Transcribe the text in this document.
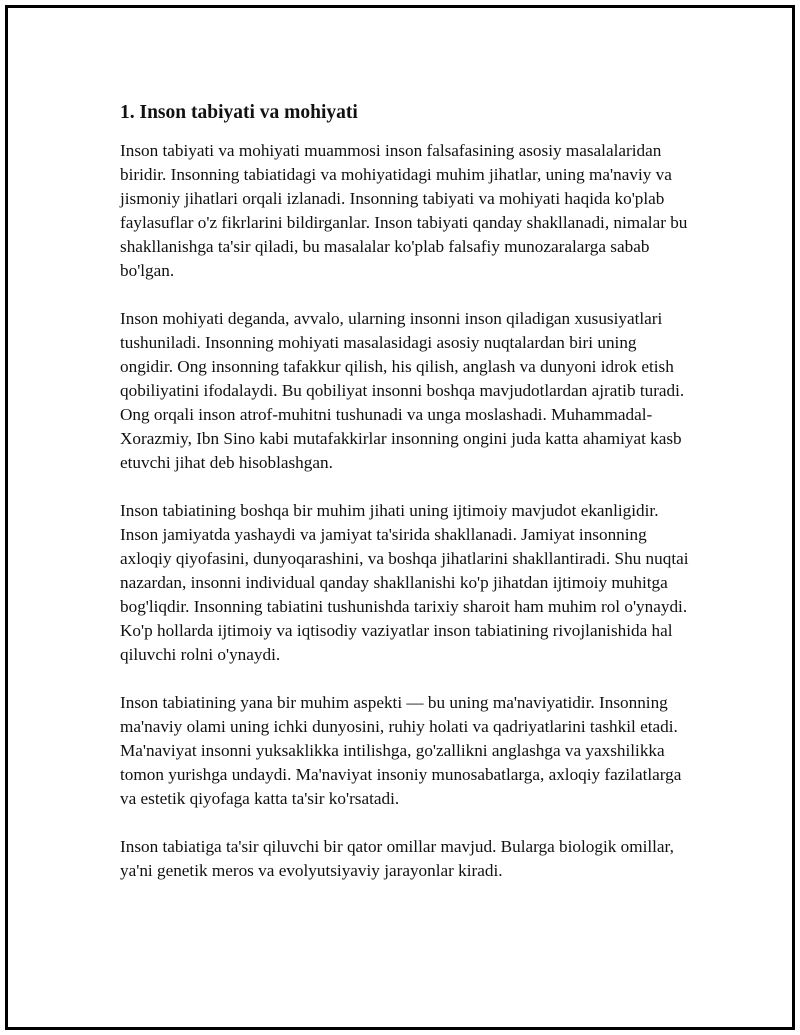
1. Inson tabiyati va mohiyati

Inson tabiyati va mohiyati muammosi inson falsafasining asosiy masalalaridan biridir. Insonning tabiatidagi va mohiyatidagi muhim jihatlar, uning ma'naviy va jismoniy jihatlari orqali izlanadi. Insonning tabiyati va mohiyati haqida ko'plab faylasuflar o'z fikrlarini bildirganlar. Inson tabiyati qanday shakllanadi, nimalar bu shakllanishga ta'sir qiladi, bu masalalar ko'plab falsafiy munozaralarga sabab bo'lgan.

Inson mohiyati deganda, avvalo, ularning insonni inson qiladigan xususiyatlari tushuniladi. Insonning mohiyati masalasidagi asosiy nuqtalardan biri uning ongidir. Ong insonning tafakkur qilish, his qilish, anglash va dunyoni idrok etish qobiliyatini ifodalaydi. Bu qobiliyat insonni boshqa mavjudotlardan ajratib turadi. Ong orqali inson atrof-muhitni tushunadi va unga moslashadi. Muhammadal-Xorazmiy, Ibn Sino kabi mutafakkirlar insonning ongini juda katta ahamiyat kasb etuvchi jihat deb hisoblashgan.

Inson tabiatining boshqa bir muhim jihati uning ijtimoiy mavjudot ekanligidir. Inson jamiyatda yashaydi va jamiyat ta'sirida shakllanadi. Jamiyat insonning axloqiy qiyofasini, dunyoqarashini, va boshqa jihatlarini shakllantiradi. Shu nuqtai nazardan, insonni individual qanday shakllanishi ko'p jihatdan ijtimoiy muhitga bog'liqdir. Insonning tabiatini tushunishda tarixiy sharoit ham muhim rol o'ynaydi. Ko'p hollarda ijtimoiy va iqtisodiy vaziyatlar inson tabiatining rivojlanishida hal qiluvchi rolni o'ynaydi.

Inson tabiatining yana bir muhim aspekti — bu uning ma'naviyatidir. Insonning ma'naviy olami uning ichki dunyosini, ruhiy holati va qadriyatlarini tashkil etadi. Ma'naviyat insonni yuksaklikka intilishga, go'zallikni anglashga va yaxshilikka tomon yurishga undaydi. Ma'naviyat insoniy munosabatlarga, axloqiy fazilatlarga va estetik qiyofaga katta ta'sir ko'rsatadi.

Inson tabiatiga ta'sir qiluvchi bir qator omillar mavjud. Bularga biologik omillar, ya'ni genetik meros va evolyutsiyaviy jarayonlar kiradi.
